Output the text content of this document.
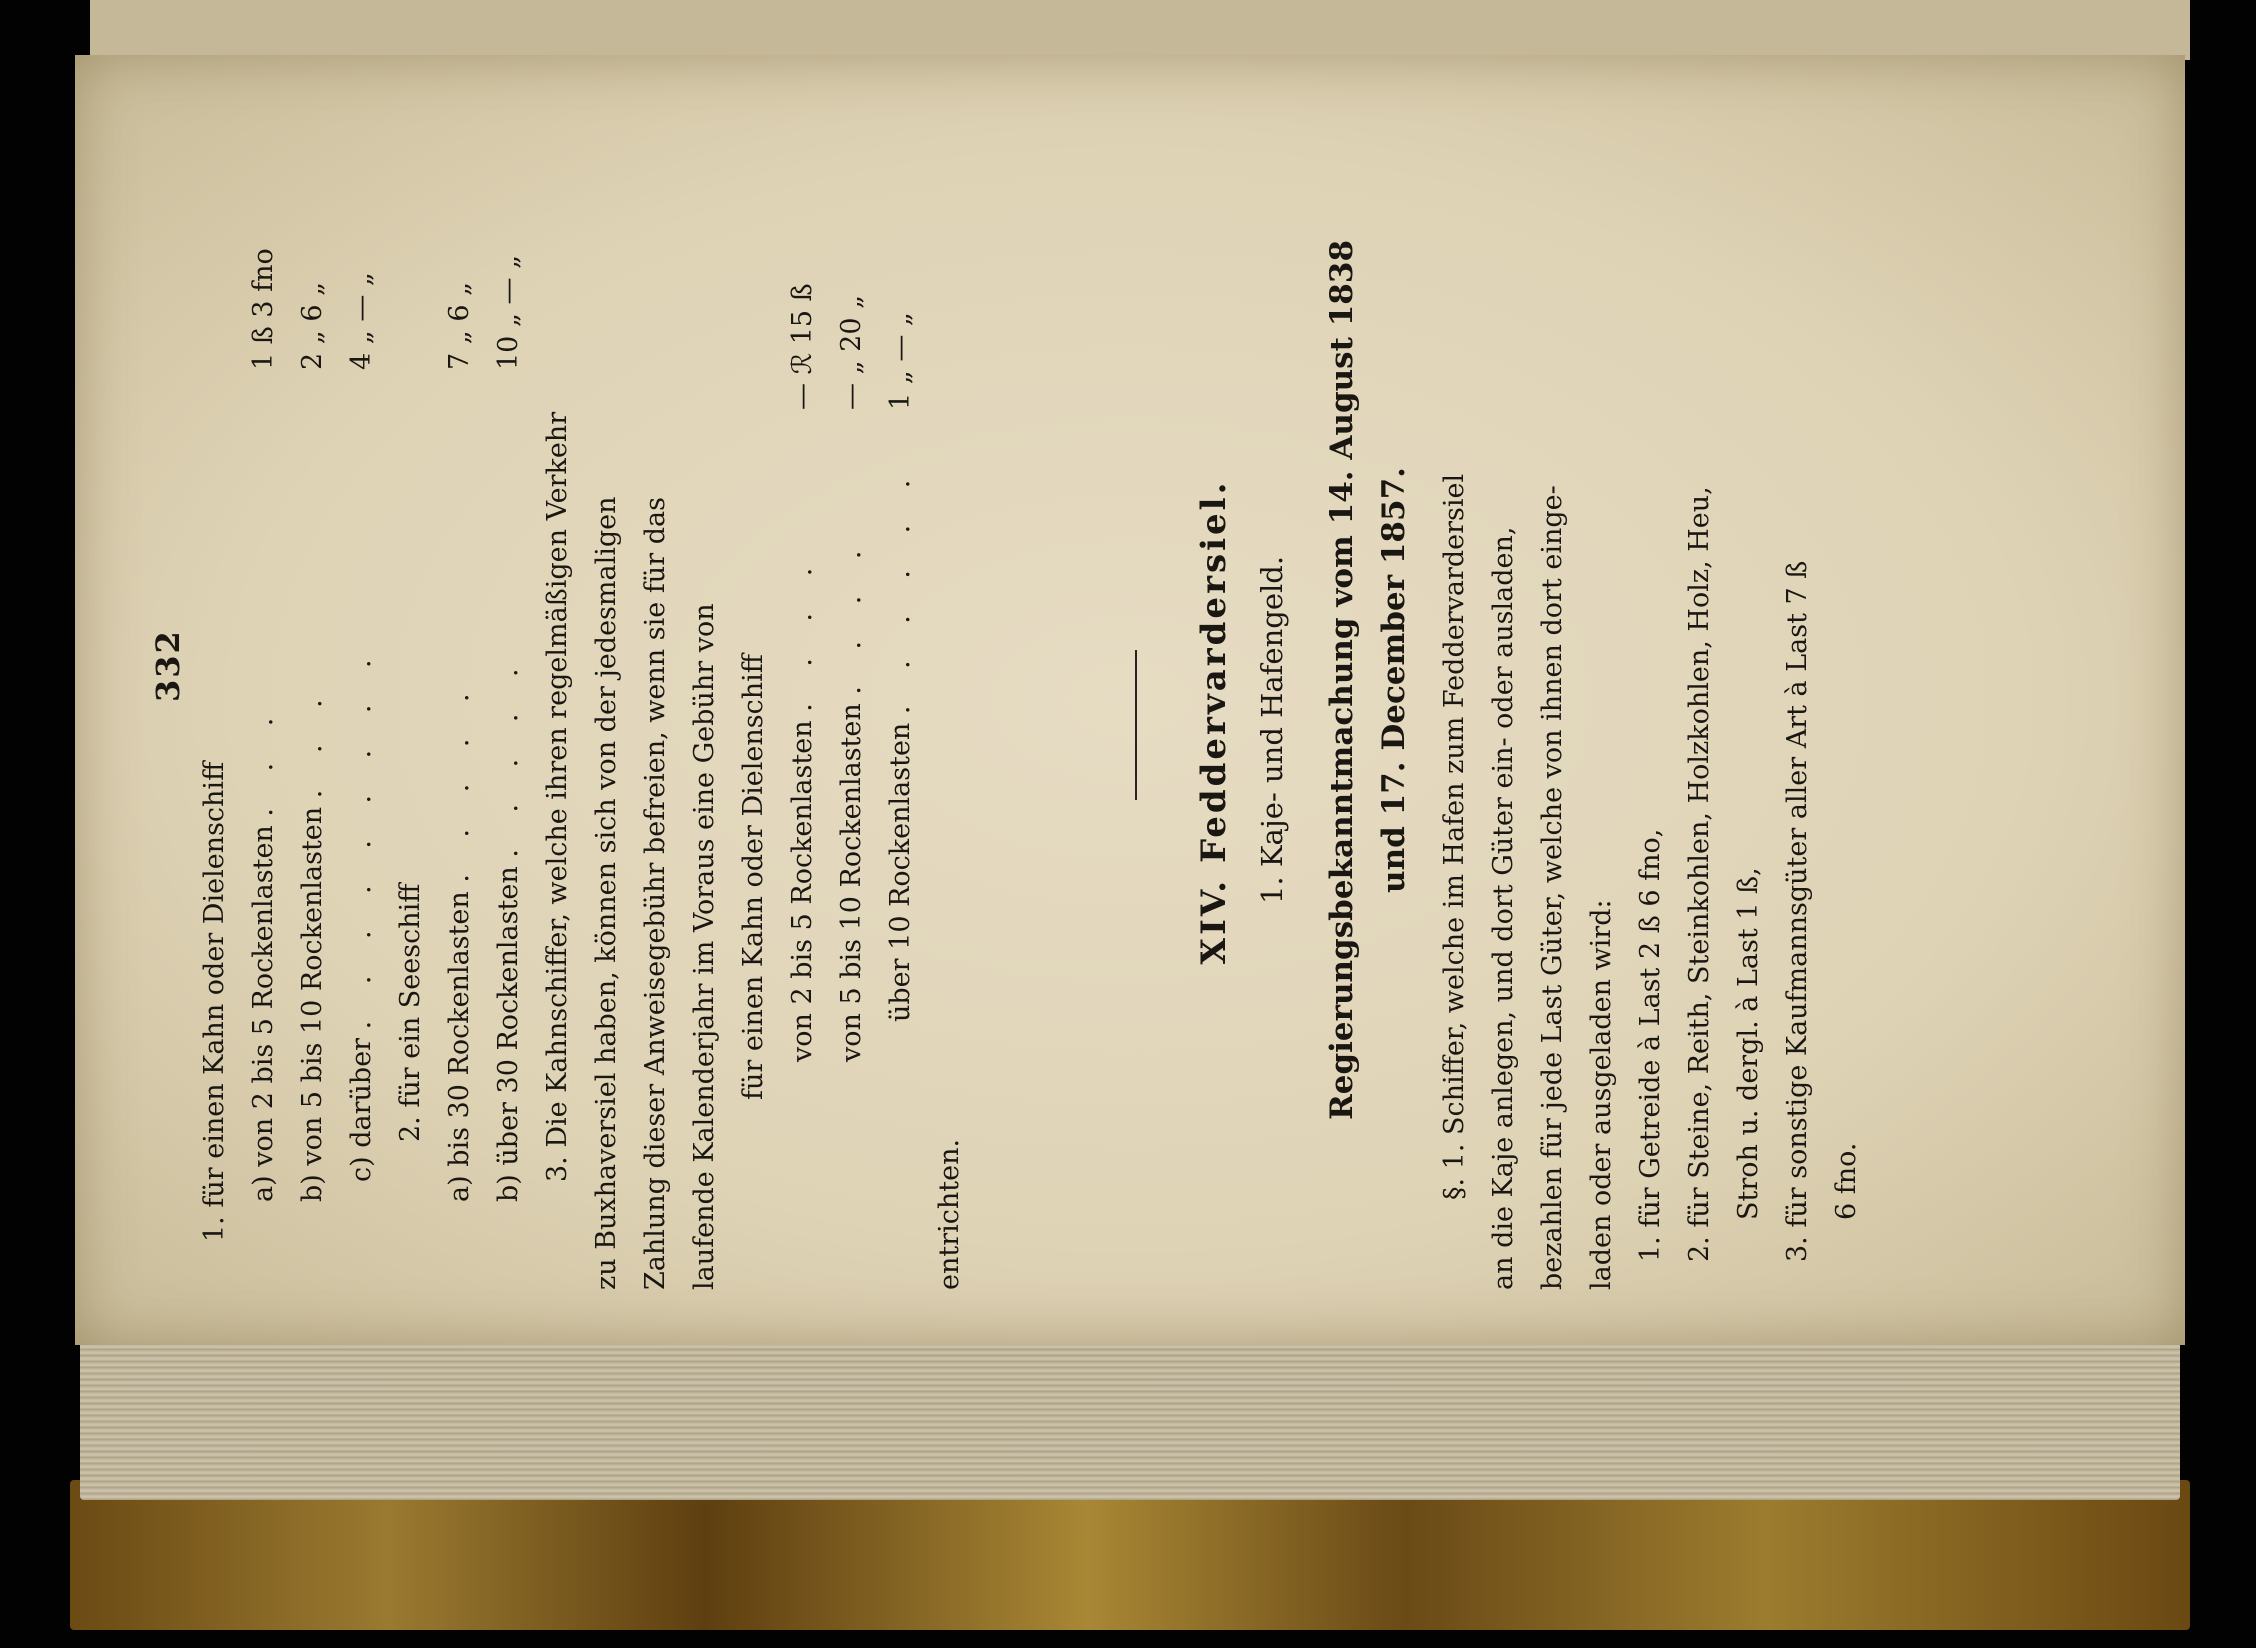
332
1. für einen Kahn oder Dielenschiff a) von 2 bis 5 Rockenlasten . . .
1 ß 3 fno
b) von 5 bis 10 Rockenlasten . . .
2 „ 6 „
c) darüber . . . . . . . . .
4 „ — „
2. für ein Seeschiff a) bis 30 Rockenlasten . . . . .
7 „ 6 „
b) über 30 Rockenlasten . . . . .
10 „ — „
3. Die Kahnschiffer, welche ihren regelmäßigen Verkehr zu Buxhaversiel haben, können sich von der jedesmaligen Zahlung dieser Anweisegebühr befreien, wenn sie für das laufende Kalenderjahr im Voraus eine Gebühr von für einen Kahn oder Dielenschiff von 2 bis 5 Rockenlasten . . . .
— ℛ 15 ß
von 5 bis 10 Rockenlasten . . . .
— „ 20 „
über 10 Rockenlasten . . . . . .
1 „ — „
entrichten.
XIV. Feddervardersiel. 1. Kaje- und Hafengeld. Regierungsbekanntmachung vom 14. August 1838 und 17. December 1857.	§. 1. Schiffer, welche im Hafen zum Feddervardersiel an die Kaje anlegen, und dort Güter ein- oder ausladen, bezahlen für jede Last Güter, welche von ihnen dort einge- laden oder ausgeladen wird: 1. für Getreide à Last 2 ß 6 fno, 2. für Steine, Reith, Steinkohlen, Holzkohlen, Holz, Heu, Stroh u. dergl. à Last 1 ß, 3. für sonstige Kaufmannsgüter aller Art à Last 7 ß 6 fno.
